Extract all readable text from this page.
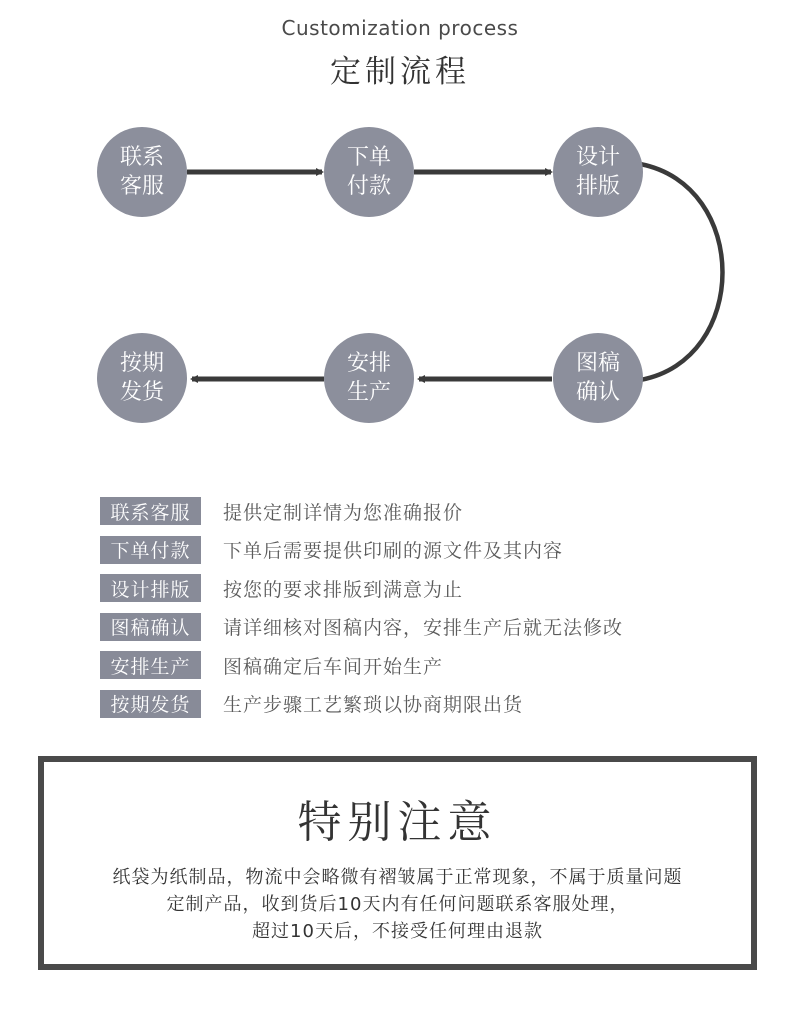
Customization process
定制流程
联系客服
下单付款
设计排版
图稿确认
安排生产
按期发货
联系客服	提供定制详情为您准确报价
下单付款	下单后需要提供印刷的源文件及其内容
设计排版	按您的要求排版到满意为止
图稿确认	请详细核对图稿内容，安排生产后就无法修改
安排生产	图稿确定后车间开始生产
按期发货	生产步骤工艺繁琐以协商期限出货
特别注意
纸袋为纸制品，物流中会略微有褶皱属于正常现象，不属于质量问题
定制产品，收到货后10天内有任何问题联系客服处理，
超过10天后，不接受任何理由退款
